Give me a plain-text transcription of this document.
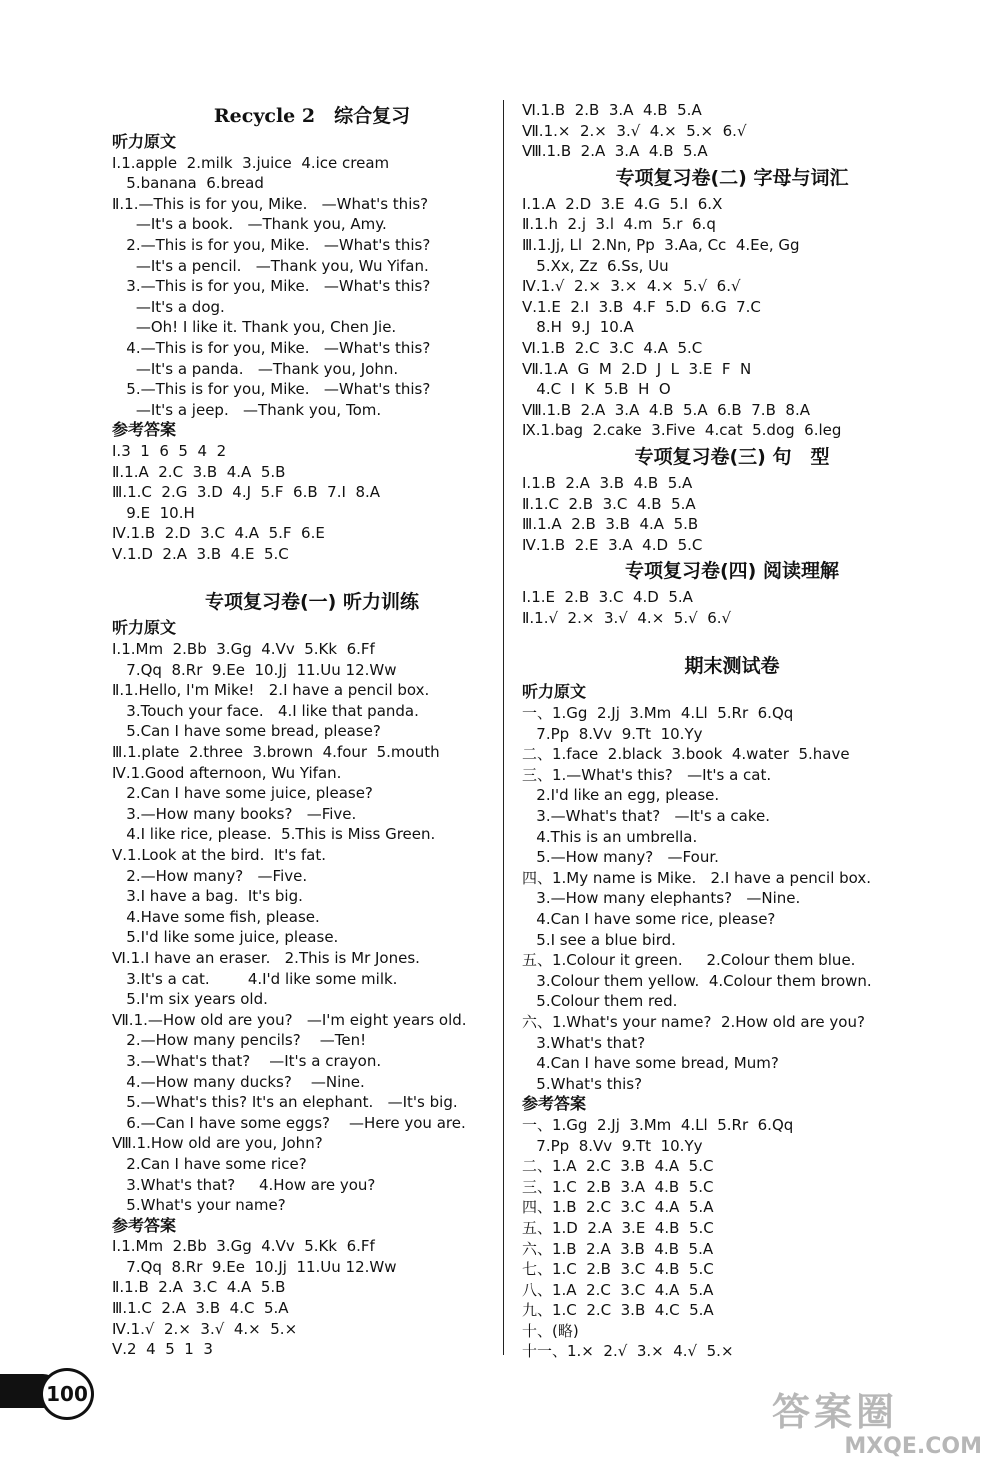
Recycle 2　综合复习
听力原文
Ⅰ.1.apple  2.milk  3.juice  4.ice cream
5.banana  6.bread
Ⅱ.1.—This is for you, Mike.   —What's this?
—It's a book.   —Thank you, Amy.
2.—This is for you, Mike.   —What's this?
—It's a pencil.   —Thank you, Wu Yifan.
3.—This is for you, Mike.   —What's this?
—It's a dog.
—Oh! I like it. Thank you, Chen Jie.
4.—This is for you, Mike.   —What's this?
—It's a panda.   —Thank you, John.
5.—This is for you, Mike.   —What's this?
—It's a jeep.   —Thank you, Tom.
参考答案
Ⅰ.3  1  6  5  4  2
Ⅱ.1.A  2.C  3.B  4.A  5.B
Ⅲ.1.C  2.G  3.D  4.J  5.F  6.B  7.I  8.A
9.E  10.H
Ⅳ.1.B  2.D  3.C  4.A  5.F  6.E
Ⅴ.1.D  2.A  3.B  4.E  5.C
专项复习卷(一) 听力训练
听力原文
Ⅰ.1.Mm  2.Bb  3.Gg  4.Vv  5.Kk  6.Ff
7.Qq  8.Rr  9.Ee  10.Jj  11.Uu 12.Ww
Ⅱ.1.Hello, I'm Mike!   2.I have a pencil box.
3.Touch your face.   4.I like that panda.
5.Can I have some bread, please?
Ⅲ.1.plate  2.three  3.brown  4.four  5.mouth
Ⅳ.1.Good afternoon, Wu Yifan.
2.Can I have some juice, please?
3.—How many books?   —Five.
4.I like rice, please.  5.This is Miss Green.
Ⅴ.1.Look at the bird.  It's fat.
2.—How many?   —Five.
3.I have a bag.  It's big.
4.Have some fish, please.
5.I'd like some juice, please.
Ⅵ.1.I have an eraser.   2.This is Mr Jones.
3.It's a cat.        4.I'd like some milk.
5.I'm six years old.
Ⅶ.1.—How old are you?   —I'm eight years old.
2.—How many pencils?    —Ten!
3.—What's that?    —It's a crayon.
4.—How many ducks?    —Nine.
5.—What's this? It's an elephant.   —It's big.
6.—Can I have some eggs?    —Here you are.
Ⅷ.1.How old are you, John?
2.Can I have some rice?
3.What's that?     4.How are you?
5.What's your name?
参考答案
Ⅰ.1.Mm  2.Bb  3.Gg  4.Vv  5.Kk  6.Ff
7.Qq  8.Rr  9.Ee  10.Jj  11.Uu 12.Ww
Ⅱ.1.B  2.A  3.C  4.A  5.B
Ⅲ.1.C  2.A  3.B  4.C  5.A
Ⅳ.1.√  2.×  3.√  4.×  5.×
Ⅴ.2  4  5  1  3
Ⅵ.1.B  2.B  3.A  4.B  5.A
Ⅶ.1.×  2.×  3.√  4.×  5.×  6.√
Ⅷ.1.B  2.A  3.A  4.B  5.A
专项复习卷(二) 字母与词汇
Ⅰ.1.A  2.D  3.E  4.G  5.I  6.X
Ⅱ.1.h  2.j  3.l  4.m  5.r  6.q
Ⅲ.1.Jj, Ll  2.Nn, Pp  3.Aa, Cc  4.Ee, Gg
5.Xx, Zz  6.Ss, Uu
Ⅳ.1.√  2.×  3.×  4.×  5.√  6.√
Ⅴ.1.E  2.I  3.B  4.F  5.D  6.G  7.C
8.H  9.J  10.A
Ⅵ.1.B  2.C  3.C  4.A  5.C
Ⅶ.1.A  G  M  2.D  J  L  3.E  F  N
4.C  I  K  5.B  H  O
Ⅷ.1.B  2.A  3.A  4.B  5.A  6.B  7.B  8.A
Ⅸ.1.bag  2.cake  3.Five  4.cat  5.dog  6.leg
专项复习卷(三) 句　型
Ⅰ.1.B  2.A  3.B  4.B  5.A
Ⅱ.1.C  2.B  3.C  4.B  5.A
Ⅲ.1.A  2.B  3.B  4.A  5.B
Ⅳ.1.B  2.E  3.A  4.D  5.C
专项复习卷(四) 阅读理解
Ⅰ.1.E  2.B  3.C  4.D  5.A
Ⅱ.1.√  2.×  3.√  4.×  5.√  6.√
期末测试卷
听力原文
一、1.Gg  2.Jj  3.Mm  4.Ll  5.Rr  6.Qq
7.Pp  8.Vv  9.Tt  10.Yy
二、1.face  2.black  3.book  4.water  5.have
三、1.—What's this?   —It's a cat.
2.I'd like an egg, please.
3.—What's that?   —It's a cake.
4.This is an umbrella.
5.—How many?   —Four.
四、1.My name is Mike.   2.I have a pencil box.
3.—How many elephants?   —Nine.
4.Can I have some rice, please?
5.I see a blue bird.
五、1.Colour it green.     2.Colour them blue.
3.Colour them yellow.  4.Colour them brown.
5.Colour them red.
六、1.What's your name?  2.How old are you?
3.What's that?
4.Can I have some bread, Mum?
5.What's this?
参考答案
一、1.Gg  2.Jj  3.Mm  4.Ll  5.Rr  6.Qq
7.Pp  8.Vv  9.Tt  10.Yy
二、1.A  2.C  3.B  4.A  5.C
三、1.C  2.B  3.A  4.B  5.C
四、1.B  2.C  3.C  4.A  5.A
五、1.D  2.A  3.E  4.B  5.C
六、1.B  2.A  3.B  4.B  5.A
七、1.C  2.B  3.C  4.B  5.C
八、1.A  2.C  3.C  4.A  5.A
九、1.C  2.C  3.B  4.C  5.A
十、(略)
十一、1.×  2.√  3.×  4.√  5.×
100	答案圈
MXQE.COM
